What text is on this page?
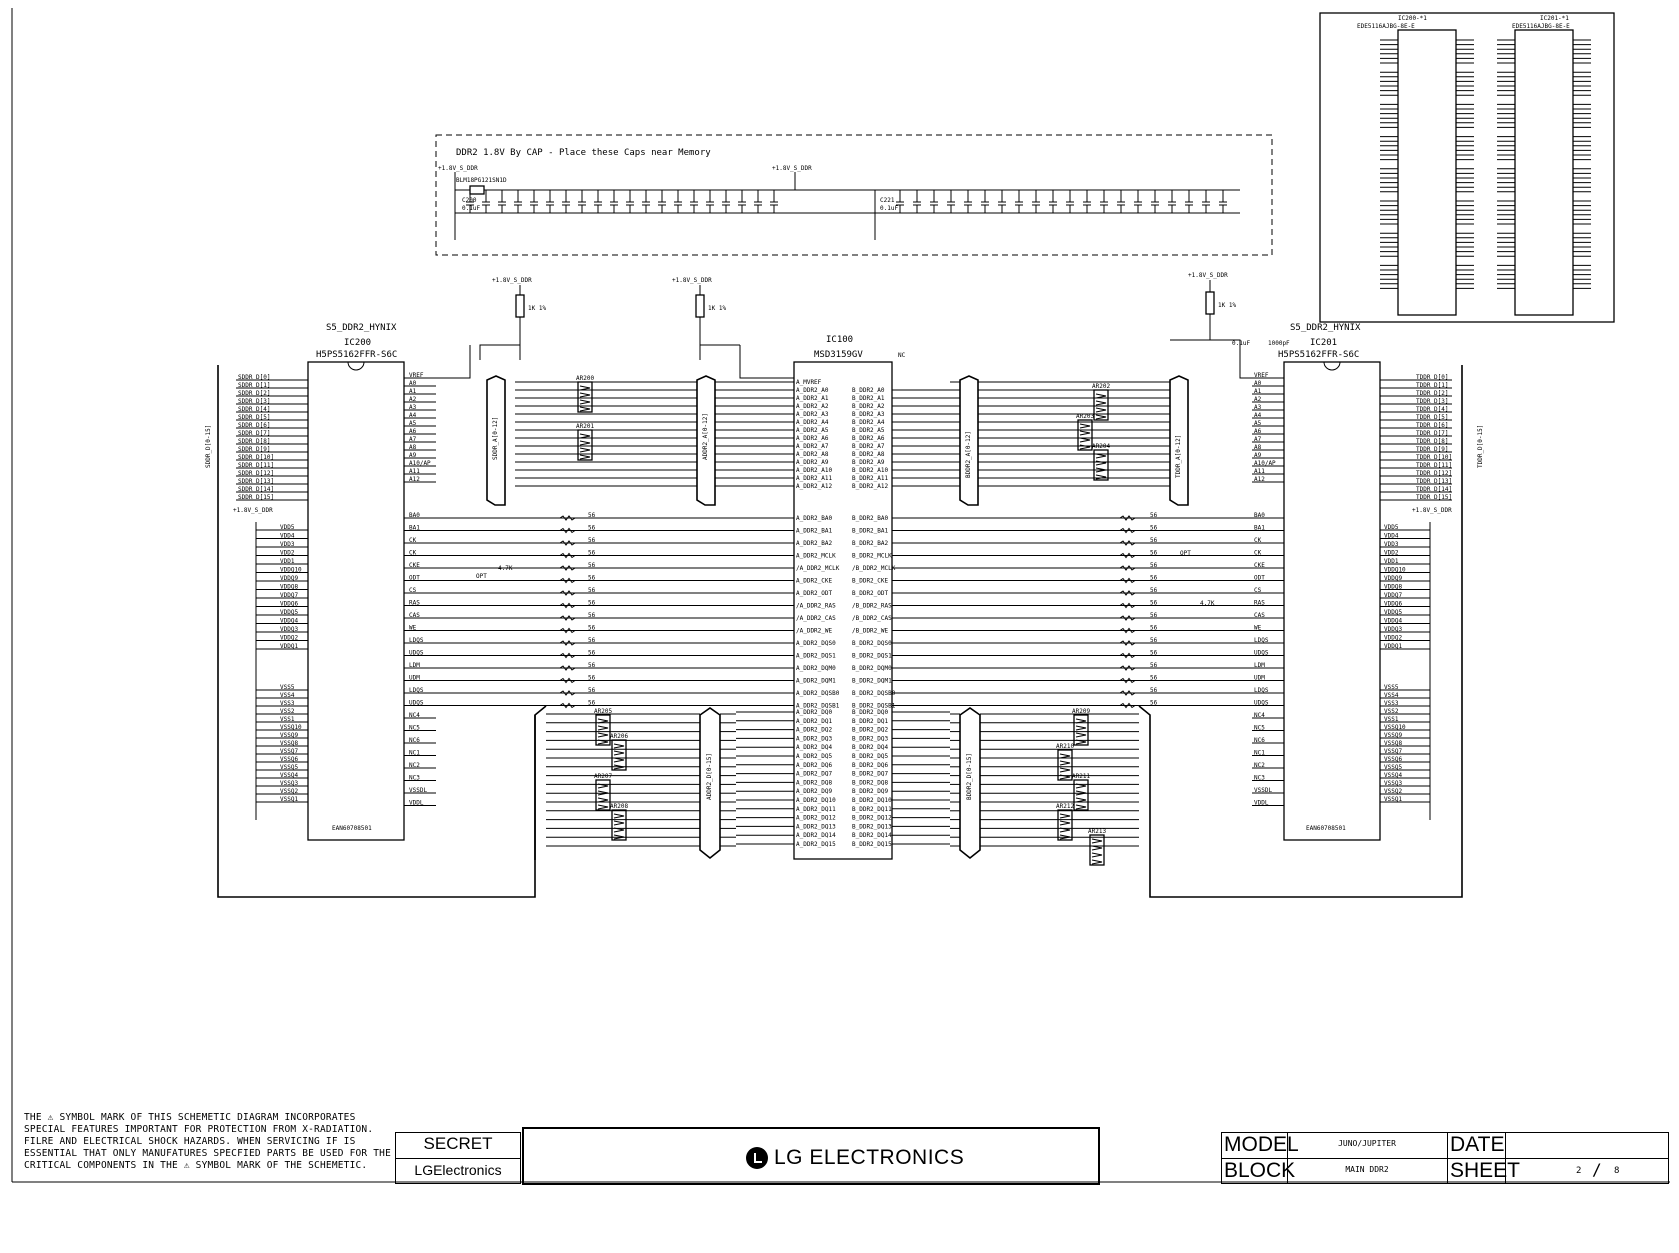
DDR2 1.8V By CAP - Place these Caps near Memory
+1.8V_S_DDR	+1.8V_S_DDR
BLM18PG121SN1D
C200
0.1uF
C221
0.1uF
IC200-*1
EDE5116AJBG-8E-E
IC201-*1
EDE5116AJBG-8E-E
S5_DDR2_HYNIX
IC200
H5PS5162FFR-S6C
EAN60708501
+1.8V_S_DDR
SDDR_D[0]
SDDR_D[1]
SDDR_D[2]
SDDR_D[3]
SDDR_D[4]
SDDR_D[5]
SDDR_D[6]
SDDR_D[7]
SDDR_D[8]
SDDR_D[9]
SDDR_D[10]
SDDR_D[11]
SDDR_D[12]
SDDR_D[13]
SDDR_D[14]
SDDR_D[15]
VREF
A0
A1
A2
A3
A4
A5
A6
A7
A8
A9
A10/AP
A11
A12
BA0
BA1
CK
CK
CKE
ODT
CS
RAS
CAS
WE
LDQS
UDQS
LDM
UDM
LDQS
UDQS
NC4
NC5
NC6
NC1
NC2
NC3
VSSDL
VDDL
VDD5
VDD4
VDD3
VDD2
VDD1
VDDQ10
VDDQ9
VDDQ8
VDDQ7
VDDQ6
VDDQ5
VDDQ4
VDDQ3
VDDQ2
VDDQ1
VSS5
VSS4
VSS3
VSS2
VSS1
VSSQ10
VSSQ9
VSSQ8
VSSQ7
VSSQ6
VSSQ5
VSSQ4
VSSQ3
VSSQ2
VSSQ1
SDDR_D[0-15]
IC100
MSD3159GV	NC
A_MVREF
A_DDR2_A0
A_DDR2_A1
A_DDR2_A2
A_DDR2_A3
A_DDR2_A4
A_DDR2_A5
A_DDR2_A6
A_DDR2_A7
A_DDR2_A8
A_DDR2_A9
A_DDR2_A10
A_DDR2_A11
A_DDR2_A12
A_DDR2_BA0
A_DDR2_BA1
A_DDR2_BA2
A_DDR2_MCLK
/A_DDR2_MCLK
A_DDR2_CKE
A_DDR2_ODT
/A_DDR2_RAS
/A_DDR2_CAS
/A_DDR2_WE
A_DDR2_DQS0
A_DDR2_DQS1
A_DDR2_DQM0
A_DDR2_DQM1
A_DDR2_DQSB0
A_DDR2_DQSB1
A_DDR2_DQ0
A_DDR2_DQ1
A_DDR2_DQ2
A_DDR2_DQ3
A_DDR2_DQ4
A_DDR2_DQ5
A_DDR2_DQ6
A_DDR2_DQ7
A_DDR2_DQ8
A_DDR2_DQ9
A_DDR2_DQ10
A_DDR2_DQ11
A_DDR2_DQ12
A_DDR2_DQ13
A_DDR2_DQ14
A_DDR2_DQ15
B_DDR2_A0
B_DDR2_A1
B_DDR2_A2
B_DDR2_A3
B_DDR2_A4
B_DDR2_A5
B_DDR2_A6
B_DDR2_A7
B_DDR2_A8
B_DDR2_A9
B_DDR2_A10
B_DDR2_A11
B_DDR2_A12
B_DDR2_BA0
B_DDR2_BA1
B_DDR2_BA2
B_DDR2_MCLK
/B_DDR2_MCLK
B_DDR2_CKE
B_DDR2_ODT
/B_DDR2_RAS
/B_DDR2_CAS
/B_DDR2_WE
B_DDR2_DQS0
B_DDR2_DQS1
B_DDR2_DQM0
B_DDR2_DQM1
B_DDR2_DQSB0
B_DDR2_DQSB1
B_DDR2_DQ0
B_DDR2_DQ1
B_DDR2_DQ2
B_DDR2_DQ3
B_DDR2_DQ4
B_DDR2_DQ5
B_DDR2_DQ6
B_DDR2_DQ7
B_DDR2_DQ8
B_DDR2_DQ9
B_DDR2_DQ10
B_DDR2_DQ11
B_DDR2_DQ12
B_DDR2_DQ13
B_DDR2_DQ14
B_DDR2_DQ15
S5_DDR2_HYNIX
IC201
H5PS5162FFR-S6C
EAN60708501
+1.8V_S_DDR
TDDR_D[0]
TDDR_D[1]
TDDR_D[2]
TDDR_D[3]
TDDR_D[4]
TDDR_D[5]
TDDR_D[6]
TDDR_D[7]
TDDR_D[8]
TDDR_D[9]
TDDR_D[10]
TDDR_D[11]
TDDR_D[12]
TDDR_D[13]
TDDR_D[14]
TDDR_D[15]
VREF
A0
A1
A2
A3
A4
A5
A6
A7
A8
A9
A10/AP
A11
A12
BA0
BA1
CK
CK
CKE
ODT
CS
RAS
CAS
WE
LDQS
UDQS
LDM
UDM
LDQS
UDQS
NC4
NC5
NC6
NC1
NC2
NC3
VSSDL
VDDL
VDD5
VDD4
VDD3
VDD2
VDD1
VDDQ10
VDDQ9
VDDQ8
VDDQ7
VDDQ6
VDDQ5
VDDQ4
VDDQ3
VDDQ2
VDDQ1
VSS5
VSS4
VSS3
VSS2
VSS1
VSSQ10
VSSQ9
VSSQ8
VSSQ7
VSSQ6
VSSQ5
VSSQ4
VSSQ3
VSSQ2
VSSQ1
TDDR_D[0-15]
SDDR_A[0-12]	ADDR2_A[0-12]	BDDR2_A[0-12]	TDDR_A[0-12]
ADDR2_D[0-15]	BDDR2_D[0-15]
AR200
AR201
AR202
AR203
AR204
AR205
AR206
AR207
AR208
AR209
AR210
AR211
AR212
AR213
+1.8V_S_DDR	+1.8V_S_DDR
+1.8V_S_DDR
1K 1%	1K 1%	1K 1%
1000pF
0.1uF
56	56
56	56
56	56
56	56
56	56
56	56
56	56
56	56
56	56
56	56
56	56
56	56
56	56
56	56
56	56
56	56
OPT
4.7K
OPT
4.7K
THE ⚠ SYMBOL MARK OF THIS SCHEMETIC DIAGRAM INCORPORATES SPECIAL FEATURES IMPORTANT FOR PROTECTION FROM X-RADIATION. FILRE AND ELECTRICAL SHOCK HAZARDS. WHEN SERVICING IF IS ESSENTIAL THAT ONLY MANUFATURES SPECFIED PARTS BE USED FOR THE CRITICAL COMPONENTS IN THE ⚠ SYMBOL MARK OF THE SCHEMETIC.
SECRET
LGElectronics
LG ELECTRONICS
MODEL	JUNO/JUPITER
BLOCK	MAIN DDR2
DATE
SHEET	2 / 8
